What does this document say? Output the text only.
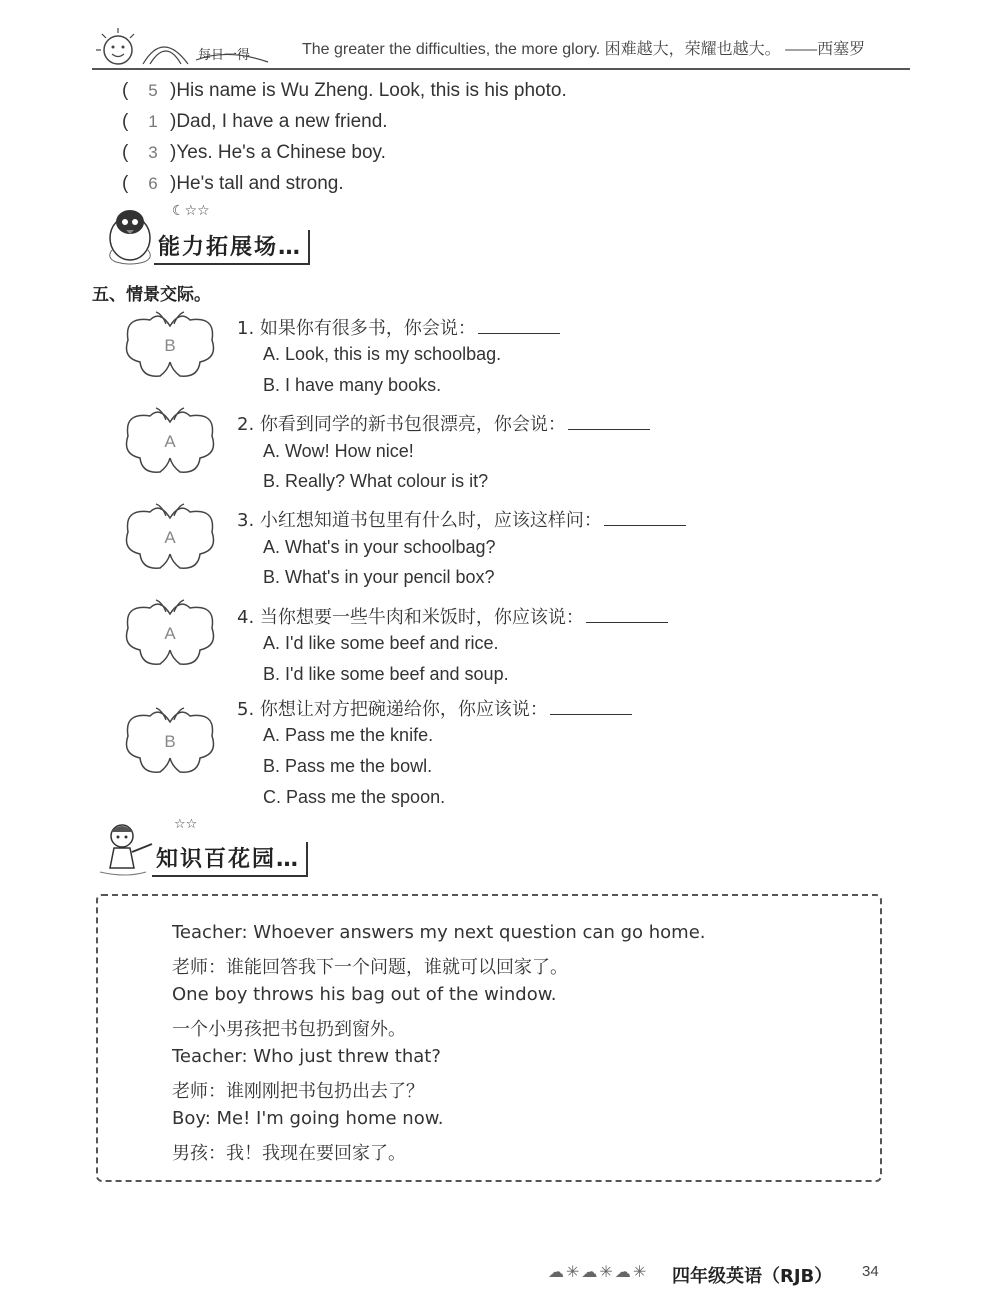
每日一得	The greater the difficulties, the more glory. 困难越大，荣耀也越大。 ——西塞罗
( 5 )His name is Wu Zheng. Look, this is his photo.
( 1 )Dad, I have a new friend.
( 3 )Yes. He's a Chinese boy.
( 6 )He's tall and strong.
☾☆☆
能力拓展场…
五、情景交际。
B
1. 如果你有很多书，你会说：
A. Look, this is my schoolbag.
B. I have many books.
A
2. 你看到同学的新书包很漂亮，你会说：
A. Wow! How nice!
B. Really? What colour is it?
A
3. 小红想知道书包里有什么时，应该这样问：
A. What's in your schoolbag?
B. What's in your pencil box?
A
4. 当你想要一些牛肉和米饭时，你应该说：
A. I'd like some beef and rice.
B. I'd like some beef and soup.
B
5. 你想让对方把碗递给你，你应该说：
A. Pass me the knife.
B. Pass me the bowl.
C. Pass me the spoon.
☆☆
知识百花园…
Teacher: Whoever answers my next question can go home.
老师：谁能回答我下一个问题，谁就可以回家了。
One boy throws his bag out of the window.
一个小男孩把书包扔到窗外。
Teacher: Who just threw that?
老师：谁刚刚把书包扔出去了？
Boy: Me! I'm going home now.
男孩：我！我现在要回家了。
☁✳☁✳☁✳ 四年级英语（RJB） 34
